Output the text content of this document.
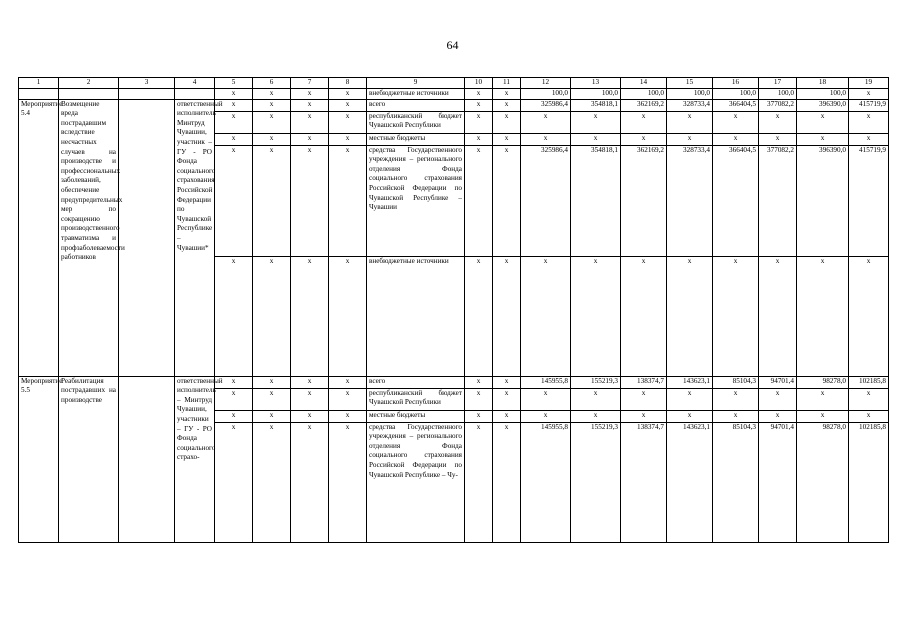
64
1	2	3	4	5	6	7	8	9	10	11	12	13	14	15	16	17	18	19
				x	x	x	x	внебюджетные источники	x	x	100,0	100,0	100,0	100,0	100,0	100,0	100,0	x
Мероприятие 5.4	Возмещение вреда пострадавшим вследствие несчастных случаев на производстве и профессиональных заболеваний, обеспечение предупредительных мер по сокращению производственного травматизма и профзаболеваемости работников		ответственный исполнитель Минтруд Чувашии, участник – ГУ - РО Фонда социального страхования Российской Федерации по Чувашской Республике – Чувашии*	x	x	x	x	всего	x	x	325986,4	354818,1	362169,2	328733,4	366404,5	377082,2	396390,0	415719,9
				x	x	x	x	республиканский бюджет Чувашской Республики	x	x	x	x	x	x	x	x	x	x
				x	x	x	x	местные бюджеты	x	x	x	x	x	x	x	x	x	x
				x	x	x	x	средства Государственного учреждения – регионального отделения Фонда социального страхования Российской Федерации по Чувашской Республике – Чувашии	x	x	325986,4	354818,1	362169,2	328733,4	366404,5	377082,2	396390,0	415719,9
				x	x	x	x	внебюджетные источники	x	x	x	x	x	x	x	x	x	x
Мероприятие 5.5	Реабилитация пострадавших на производстве		ответственный исполнитель – Минтруд Чувашии, участники – ГУ - РО Фонда социального страхо-	x	x	x	x	всего	x	x	145955,8	155219,3	138374,7	143623,1	85104,3	94701,4	98278,0	102185,8
				x	x	x	x	республиканский бюджет Чувашской Республики	x	x	x	x	x	x	x	x	x	x
				x	x	x	x	местные бюджеты	x	x	x	x	x	x	x	x	x	x
				x	x	x	x	средства Государственного учреждения – регионального отделения Фонда социального страхования Российской Федерации по Чувашской Республике – Чу-	x	x	145955,8	155219,3	138374,7	143623,1	85104,3	94701,4	98278,0	102185,8
